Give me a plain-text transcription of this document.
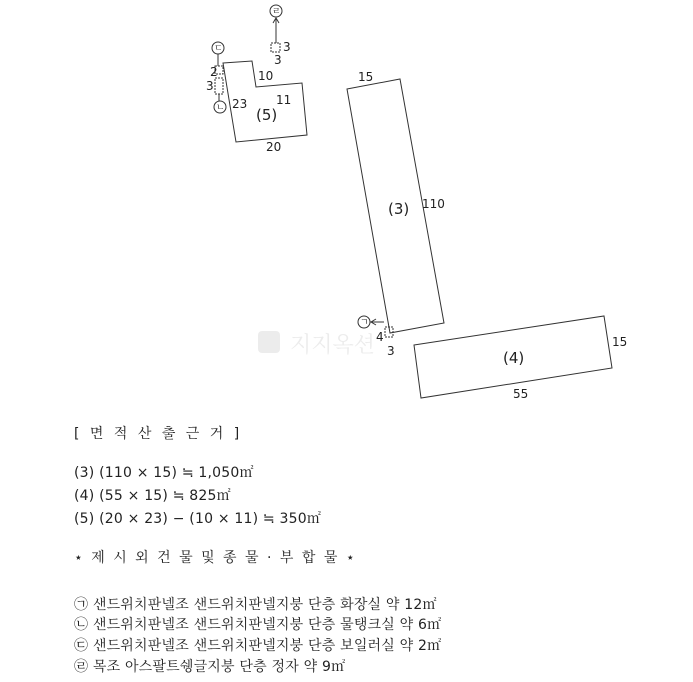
지지옥션
(3)
15
110
(4)
15
55
(5)
23
20
10
11
ㄹ
3
3
ㄷ
2
3
ㄴ
ㄱ
4
3
[ 면 적 산 출 근 거 ]
(3) (110 × 15) ≒ 1,050㎡
(4) (55 × 15) ≒ 825㎡
(5) (20 × 23) − (10 × 11) ≒ 350㎡
⋆ 제 시 외 건 물 및 종 물 · 부 합 물 ⋆
㉠ 샌드위치판넬조 샌드위치판넬지붕 단층 화장실 약 12㎡
㉡ 샌드위치판넬조 샌드위치판넬지붕 단층 물탱크실 약 6㎡
㉢ 샌드위치판넬조 샌드위치판넬지붕 단층 보일러실 약 2㎡
㉣ 목조 아스팔트쉥글지붕 단층 정자 약 9㎡
